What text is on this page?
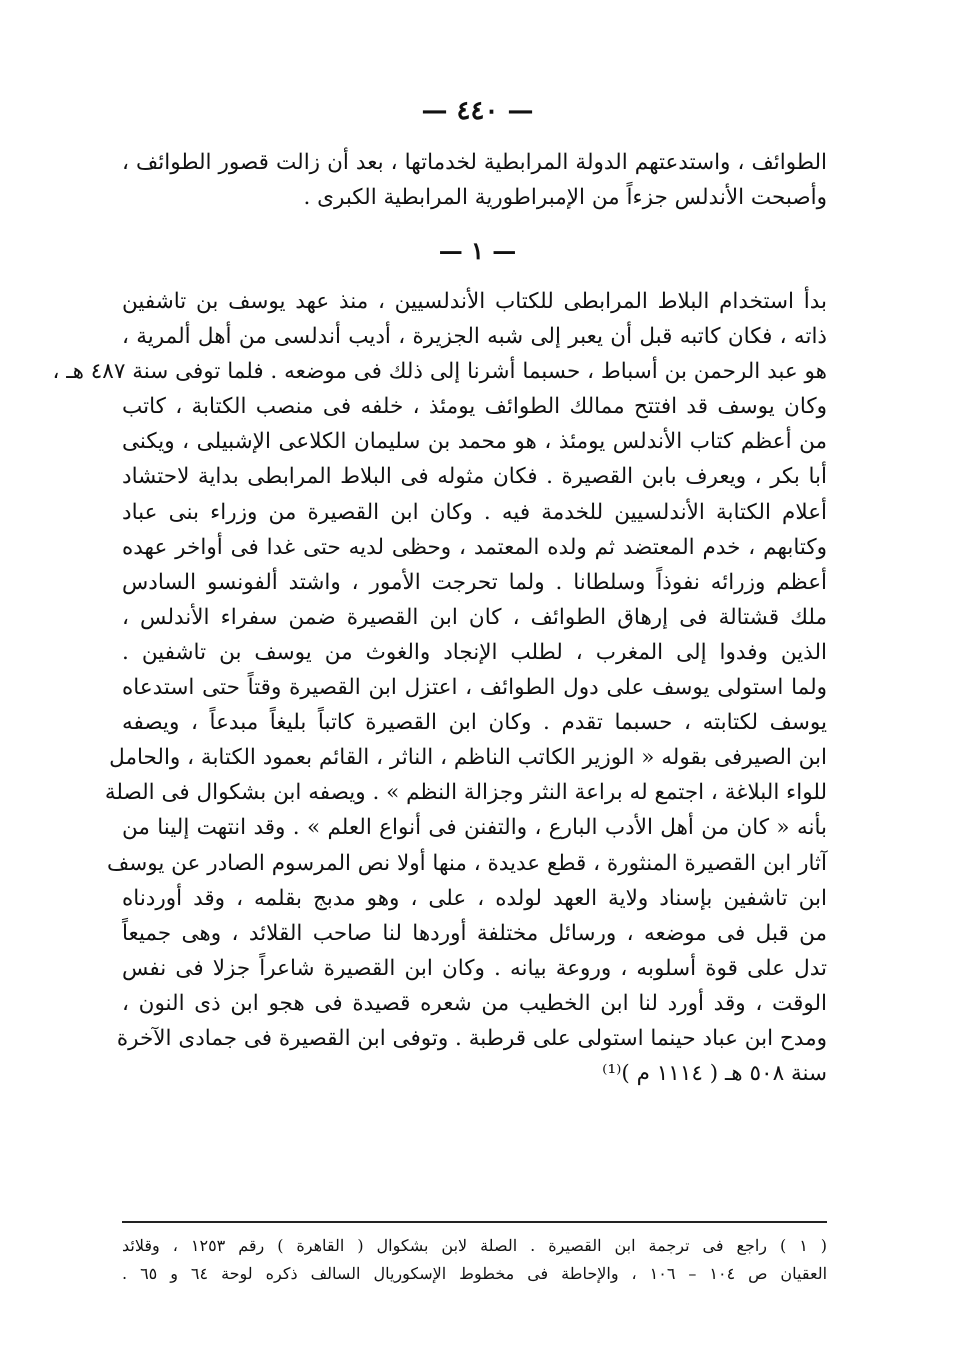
— ٤٤٠ —
الطوائف ، واستدعتهم الدولة المرابطية لخدماتها ، بعد أن زالت قصور الطوائف ،
وأصبحت الأندلس جزءاً من الإمبراطورية المرابطية الكبرى .
— ١ —
بدأ استخدام البلاط المرابطى للكتاب الأندلسيين ، منذ عهد يوسف بن تاشفين
ذاته ، فكان كاتبه قبل أن يعبر إلى شبه الجزيرة ، أديب أندلسى من أهل ألمرية ،
هو عبد الرحمن بن أسباط ، حسبما أشرنا إلى ذلك فى موضعه . فلما توفى سنة ٤٨٧ هـ ،
وكان يوسف قد افتتح ممالك الطوائف يومئذ ، خلفه فى منصب الكتابة ، كاتب
من أعظم كتاب الأندلس يومئذ ، هو محمد بن سليمان الكلاعى الإشبيلى ، ويكنى
أبا بكر ، ويعرف بابن القصيرة . فكان مثوله فى البلاط المرابطى بداية لاحتشاد
أعلام الكتابة الأندلسيين للخدمة فيه . وكان ابن القصيرة من وزراء بنى عباد
وكتابهم ، خدم المعتضد ثم ولده المعتمد ، وحظى لديه حتى غدا فى أواخر عهده
أعظم وزرائه نفوذاً وسلطانا . ولما تحرجت الأمور ، واشتد ألفونسو السادس
ملك قشتالة فى إرهاق الطوائف ، كان ابن القصيرة ضمن سفراء الأندلس ،
الذين وفدوا إلى المغرب ، لطلب الإنجاد والغوث من يوسف بن تاشفين .
ولما استولى يوسف على دول الطوائف ، اعتزل ابن القصيرة وقتاً حتى استدعاه
يوسف لكتابته ، حسبما تقدم . وكان ابن القصيرة كاتباً بليغاً مبدعاً ، ويصفه
ابن الصيرفى بقوله « الوزير الكاتب الناظم ، الناثر ، القائم بعمود الكتابة ، والحامل
للواء البلاغة ، اجتمع له براعة النثر وجزالة النظم » . ويصفه ابن بشكوال فى الصلة
بأنه « كان من أهل الأدب البارع ، والتفنن فى أنواع العلم » . وقد انتهت إلينا من
آثار ابن القصيرة المنثورة ، قطع عديدة ، منها أولا نص المرسوم الصادر عن يوسف
ابن تاشفين بإسناد ولاية العهد لولده ، على ، وهو مدبج بقلمه ، وقد أوردناه
من قبل فى موضعه ، ورسائل مختلفة أوردها لنا صاحب القلائد ، وهى جميعاً
تدل على قوة أسلوبه ، وروعة بيانه . وكان ابن القصيرة شاعراً جزلا فى نفس
الوقت ، وقد أورد لنا ابن الخطيب من شعره قصيدة فى هجو ابن ذى النون ،
ومدح ابن عباد حينما استولى على قرطبة . وتوفى ابن القصيرة فى جمادى الآخرة
سنة ٥٠٨ هـ ( ١١١٤ م )⁽¹⁾
( ١ ) راجع فى ترجمة ابن القصيرة . الصلة لابن بشكوال ( القاهرة ) رقم ١٢٥٣ ، وقلائد
العقيان ص ١٠٤ – ١٠٦ ، والإحاطة فى مخطوط الإسكوريال السالف ذكره لوحة ٦٤ و ٦٥ .
